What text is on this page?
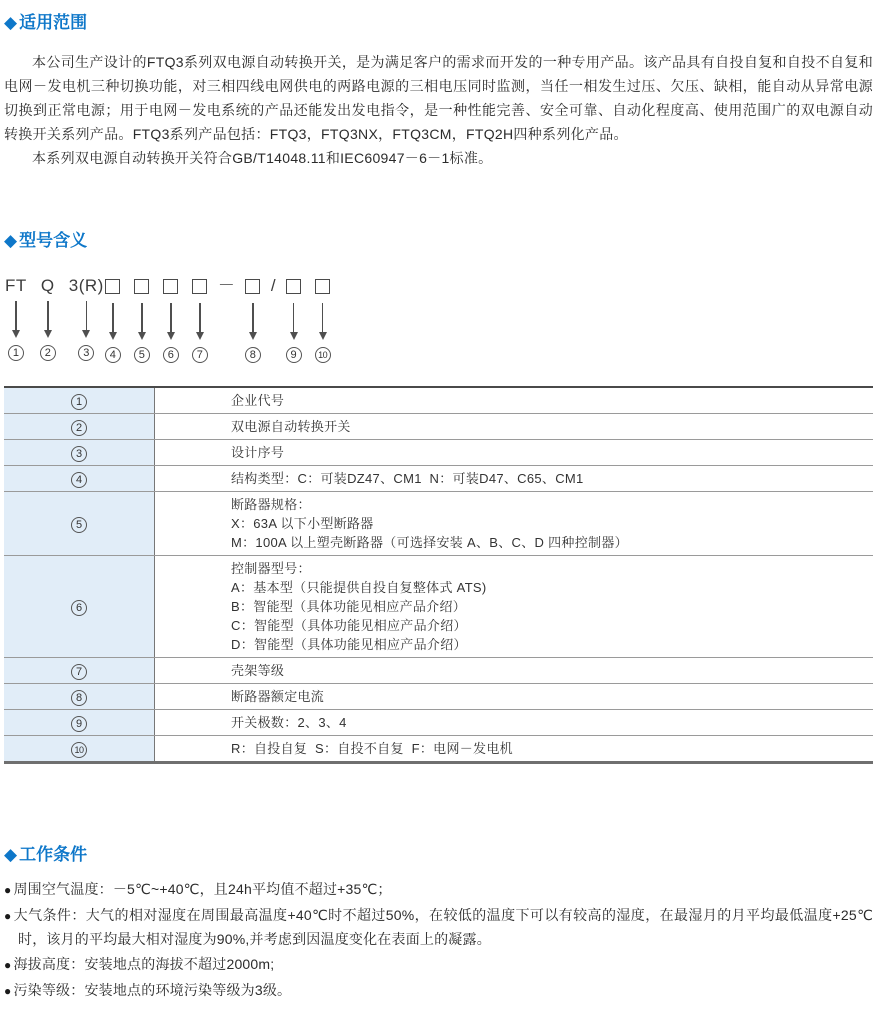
◆ 适用范围

本公司生产设计的FTQ3系列双电源自动转换开关，是为满足客户的需求而开发的一种专用产品。该产品具有自投自复和自投不自复和电网－发电机三种切换功能，对三相四线电网供电的两路电源的三相电压同时监测，当任一相发生过压、欠压、缺相，能自动从异常电源切换到正常电源；用于电网－发电系统的产品还能发出发电指令，是一种性能完善、安全可靠、自动化程度高、使用范围广的双电源自动转换开关系列产品。FTQ3系列产品包括：FTQ3，FTQ3NX，FTQ3CM，FTQ2H四种系列化产品。

本系列双电源自动转换开关符合GB/T14048.11和IEC60947－6－1标准。

◆ 型号含义
FT
1
Q
2
3(R)
3	4	5	6	7
－
8
/
9	10
1	企业代号

2	双电源自动转换开关

3	设计序号

4	结构类型：C：可装DZ47、CM1  N：可装D47、C65、CM1

5	断路器规格：
X：63A 以下小型断路器
M：100A 以上塑壳断路器（可选择安装 A、B、C、D 四种控制器）

6	控制器型号：
A：基本型（只能提供自投自复整体式 ATS)
B：智能型（具体功能见相应产品介绍）
C：智能型（具体功能见相应产品介绍）
D：智能型（具体功能见相应产品介绍）

7	壳架等级

8	断路器额定电流

9	开关极数：2、3、4

10	R：自投自复  S：自投不自复  F：电网－发电机
◆ 工作条件
● 周围空气温度：－5℃~+40℃，且24h平均值不超过+35℃；
● 大气条件：大气的相对湿度在周围最高温度+40℃时不超过50%，在较低的温度下可以有较高的湿度，在最湿月的月平均最低温度+25℃时，该月的平均最大相对湿度为90%,并考虑到因温度变化在表面上的凝露。
● 海拔高度：安装地点的海拔不超过2000m;
● 污染等级：安装地点的环境污染等级为3级。
